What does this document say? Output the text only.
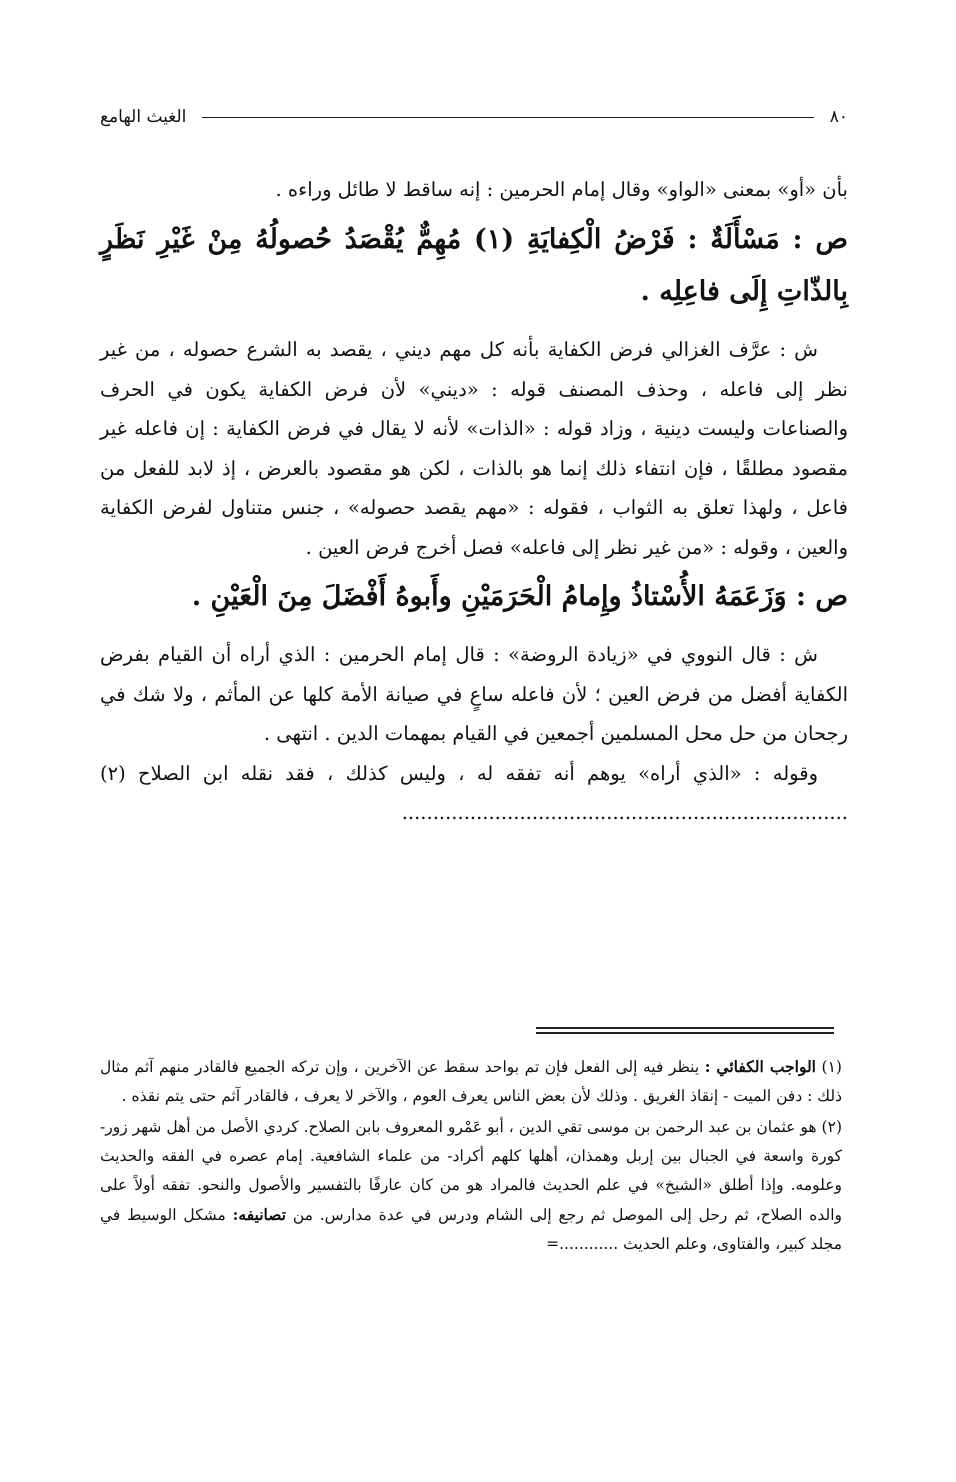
٨٠
الغيث الهامع

بأن «أو» بمعنى «الواو» وقال إمام الحرمين : إنه ساقط لا طائل وراءه .

ص : مَسْأَلَةٌ : فَرْضُ الْكِفايَةِ (١) مُهِمٌّ يُقْصَدُ حُصولُهُ مِنْ غَيْرِ نَظَرٍ بِالذّاتِ إِلَى فاعِلِه .

ش : عرَّف الغزالي فرض الكفاية بأنه كل مهم ديني ، يقصد به الشرع حصوله ، من غير نظر إلى فاعله ، وحذف المصنف قوله : «ديني» لأن فرض الكفاية يكون في الحرف والصناعات وليست دينية ، وزاد قوله : «الذات» لأنه لا يقال في فرض الكفاية : إن فاعله غير مقصود مطلقًا ، فإن انتفاء ذلك إنما هو بالذات ، لكن هو مقصود بالعرض ، إذ لابد للفعل من فاعل ، ولهذا تعلق به الثواب ، فقوله : «مهم يقصد حصوله» ، جنس متناول لفرض الكفاية والعين ، وقوله : «من غير نظر إلى فاعله» فصل أخرج فرض العين .

ص : وَزَعَمَهُ الأُسْتاذُ وإِمامُ الْحَرَمَيْنِ وأَبوهُ أَفْضَلَ مِنَ الْعَيْنِ .

ش : قال النووي في «زيادة الروضة» : قال إمام الحرمين : الذي أراه أن القيام بفرض الكفاية أفضل من فرض العين ؛ لأن فاعله ساعٍ في صيانة الأمة كلها عن المأثم ، ولا شك في رجحان من حل محل المسلمين أجمعين في القيام بمهمات الدين . انتهى .

وقوله : «الذي أراه» يوهم أنه تفقه له ، وليس كذلك ، فقد نقله ابن الصلاح (٢) ........................................................................

(١) الواجب الكفائي : ينظر فيه إلى الفعل فإن تم بواحد سقط عن الآخرين ، وإن تركه الجميع فالقادر منهم آثم مثال ذلك : دفن الميت - إنقاذ الغريق . وذلك لأن بعض الناس يعرف العوم ، والآخر لا يعرف ، فالقادر آثم حتى يتم نقذه .

(٢) هو عثمان بن عبد الرحمن بن موسى تقي الدين ، أبو عَمْرو المعروف بابن الصلاح. كردي الأصل من أهل شهر زور- كورة واسعة في الجبال بين إربل وهمذان، أهلها كلهم أكراد- من علماء الشافعية. إمام عصره في الفقه والحديث وعلومه. وإذا أطلق «الشيخ» في علم الحديث فالمراد هو من كان عارفًا بالتفسير والأصول والنحو. تفقه أولاً على والده الصلاح، ثم رحل إلى الموصل ثم رجع إلى الشام ودرس في عدة مدارس. من تصانيفه: مشكل الوسيط في مجلد كبير، والفتاوى، وعلم الحديث ............=
